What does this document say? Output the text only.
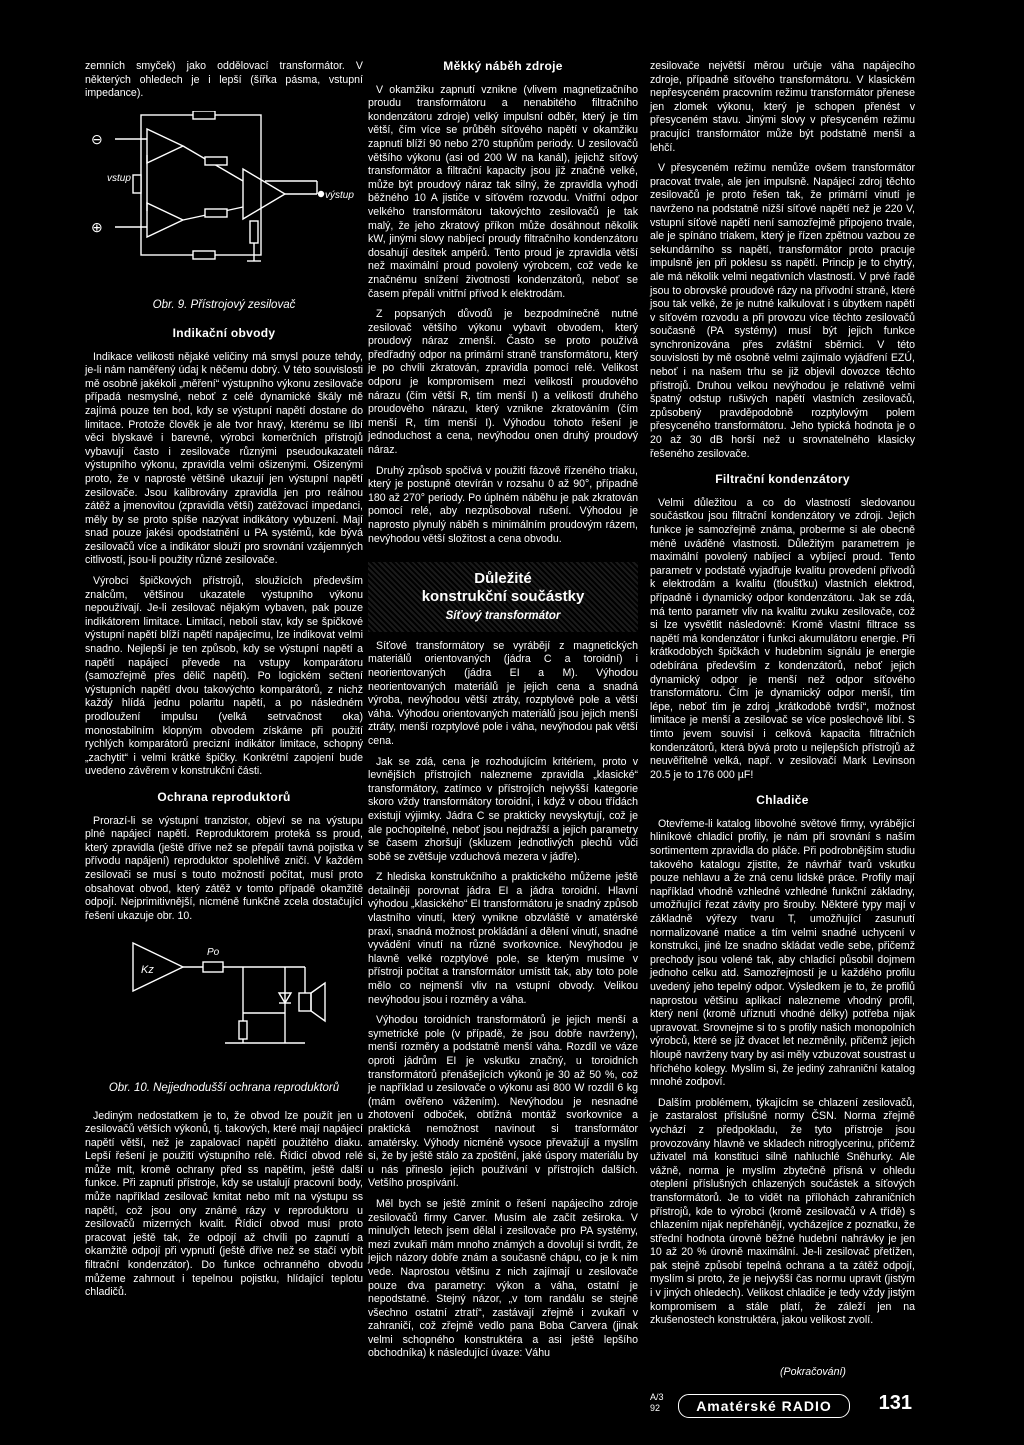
zemních smyček) jako oddělovací transformátor. V některých ohledech je i lepší (šířka pásma, vstupní impedance).

⊖
⊕
vstup
výstup
Obr. 9. Přístrojový zesilovač
Indikační obvody

Indikace velikosti nějaké veličiny má smysl pouze tehdy, je-li nám naměřený údaj k něčemu dobrý. V této souvislosti mě osobně jakékoli „měření“ výstupního výkonu zesilovače případá nesmyslné, neboť z celé dynamické škály mě zajímá pouze ten bod, kdy se výstupní napětí dostane do limitace. Protože člověk je ale tvor hravý, kterému se líbí věci blyskavé i barevné, výrobci komerčních přístrojů vybavují často i zesilovače různými pseudoukazateli výstupního výkonu, zpravidla velmi ošizenými. Ošizenými proto, že v naprosté většině ukazují jen výstupní napětí zesilovače. Jsou kalibrovány zpravidla jen pro reálnou zátěž a jmenovitou (zpravidla větší) zatěžovací impedanci, měly by se proto spíše nazývat indikátory vybuzení. Mají snad pouze jakési opodstatnění u PA systémů, kde bývá zesilovačů více a indikátor slouží pro srovnání vzájemných citlivostí, jsou-li použity různé zesilovače.

Výrobci špičkových přístrojů, sloužících především znalcům, většinou ukazatele výstupního výkonu nepoužívají. Je-li zesilovač nějakým vybaven, pak pouze indikátorem limitace. Limitací, neboli stav, kdy se špičkové výstupní napětí blíží napětí napájecímu, lze indikovat velmi snadno. Nejlepší je ten způsob, kdy se výstupní napětí a napětí napájecí převede na vstupy komparátoru (samozřejmě přes dělič napětí). Po logickém sečtení výstupních napětí dvou takovýchto komparátorů, z nichž každý hlídá jednu polaritu napětí, a po následném prodloužení impulsu (velká setrvačnost oka) monostabilním klopným obvodem získáme při použití rychlých komparátorů precizní indikátor limitace, schopný „zachytit“ i velmi krátké špičky. Konkrétní zapojení bude uvedeno závěrem v konstrukční části.

Ochrana reproduktorů

Prorazí-li se výstupní tranzistor, objeví se na výstupu plné napájecí napětí. Reproduktorem proteká ss proud, který zpravidla (ještě dříve než se přepálí tavná pojistka v přívodu napájení) reproduktor spolehlivě zničí. V každém zesilovači se musí s touto možností počítat, musí proto obsahovat obvod, který zátěž v tomto případě okamžitě odpojí. Nejprimitivnější, nicméně funkčně zcela dostačující řešení ukazuje obr. 10.

Kz
Po
Obr. 10. Nejjednodušší ochrana reproduktorů

Jediným nedostatkem je to, že obvod lze použít jen u zesilovačů větších výkonů, tj. takových, které mají napájecí napětí větší, než je zapalovací napětí použitého diaku. Lepší řešení je použití výstupního relé. Řídicí obvod relé může mít, kromě ochrany před ss napětím, ještě další funkce. Při zapnutí přístroje, kdy se ustalují pracovní body, může například zesilovač kmitat nebo mít na výstupu ss napětí, což jsou ony známé rázy v reproduktoru u zesilovačů mizerných kvalit. Řídicí obvod musí proto pracovat ještě tak, že odpojí až chvíli po zapnutí a okamžitě odpojí při vypnutí (ještě dříve než se stačí vybít filtrační kondenzátor). Do funkce ochranného obvodu můžeme zahrnout i tepelnou pojistku, hlídající teplotu chladičů.

Měkký náběh zdroje

V okamžiku zapnutí vznikne (vlivem magnetizačního proudu transformátoru a nenabitého filtračního kondenzátoru zdroje) velký impulsní odběr, který je tím větší, čím více se průběh síťového napětí v okamžiku zapnutí blíží 90 nebo 270 stupňům periody. U zesilovačů většího výkonu (asi od 200 W na kanál), jejichž síťový transformátor a filtrační kapacity jsou již značně velké, může být proudový náraz tak silný, že zpravidla vyhodí běžného 10 A jističe v síťovém rozvodu. Vnitřní odpor velkého transformátoru takovýchto zesilovačů je tak malý, že jeho zkratový příkon může dosáhnout několik kW, jinými slovy nabíjecí proudy filtračního kondenzátoru dosahují desítek ampérů. Tento proud je zpravidla větší než maximální proud povolený výrobcem, což vede ke značnému snížení životnosti kondenzátorů, neboť se časem přepálí vnitřní přívod k elektrodám.

Z popsaných důvodů je bezpodmínečně nutné zesilovač většího výkonu vybavit obvodem, který proudový náraz zmenší. Často se proto používá předřadný odpor na primární straně transformátoru, který je po chvíli zkratován, zpravidla pomocí relé. Velikost odporu je kompromisem mezi velikostí proudového nárazu (čím větší R, tím menší I) a velikostí druhého proudového nárazu, který vznikne zkratováním (čím menší R, tím menší I). Výhodou tohoto řešení je jednoduchost a cena, nevýhodou onen druhý proudový náraz.

Druhý způsob spočívá v použití fázově řízeného triaku, který je postupně otevírán v rozsahu 0 až 90°, případně 180 až 270° periody. Po úplném náběhu je pak zkratován pomocí relé, aby nezpůsoboval rušení. Výhodou je naprosto plynulý náběh s minimálním proudovým rázem, nevýhodou větší složitost a cena obvodu.

Důležité
konstrukční součástky
Síťový transformátor

Síťové transformátory se vyrábějí z magnetických materiálů orientovaných (jádra C a toroidní) i neorientovaných (jádra EI a M). Výhodou neorientovaných materiálů je jejich cena a snadná výroba, nevýhodou větší ztráty, rozptylové pole a větší váha. Výhodou orientovaných materiálů jsou jejich menší ztráty, menší rozptylové pole i váha, nevýhodou pak větší cena.

Jak se zdá, cena je rozhodujícím kritériem, proto v levnějších přístrojích nalezneme zpravidla „klasické“ transformátory, zatímco v přístrojích nejvyšší kategorie skoro vždy transformátory toroidní, i když v obou třídách existují výjimky. Jádra C se prakticky nevyskytují, což je ale pochopitelné, neboť jsou nejdražší a jejich parametry se časem zhoršují (skluzem jednotlivých plechů vůči sobě se zvětšuje vzduchová mezera v jádře).

Z hlediska konstrukčního a praktického můžeme ještě detailněji porovnat jádra EI a jádra toroidní. Hlavní výhodou „klasického“ EI transformátoru je snadný způsob vlastního vinutí, který vynikne obzvláště v amatérské praxi, snadná možnost prokládání a dělení vinutí, snadné vyvádění vinutí na různé svorkovnice. Nevýhodou je hlavně velké rozptylové pole, se kterým musíme v přístroji počítat a transformátor umístit tak, aby toto pole mělo co nejmenší vliv na vstupní obvody. Velikou nevýhodou jsou i rozměry a váha.

Výhodou toroidních transformátorů je jejich menší a symetrické pole (v případě, že jsou dobře navrženy), menší rozměry a podstatně menší váha. Rozdíl ve váze oproti jádrům EI je vskutku značný, u toroidních transformátorů přenášejících výkonů je 30 až 50 %, což je například u zesilovače o výkonu asi 800 W rozdíl 6 kg (mám ověřeno vážením). Nevýhodou je nesnadné zhotovení odboček, obtížná montáž svorkovnice a praktická nemožnost navinout si transformátor amatérsky. Výhody nicméně vysoce převažují a myslím si, že by ještě stálo za zpoštění, jaké úspory materiálu by u nás přineslo jejich používání v přístrojích dalších. Vetšího prospívání.

Měl bych se ještě zmínit o řešení napájecího zdroje zesilovačů firmy Carver. Musím ale začít zeširoka. V minulých letech jsem dělal i zesilovače pro PA systémy, mezi zvukaři mám mnoho známých a dovolují si tvrdit, že jejich názory dobře znám a současně chápu, co je k nim vede. Naprostou většinu z nich zajímají u zesilovače pouze dva parametry: výkon a váha, ostatní je nepodstatné. Stejný názor, „v tom randálu se stejně všechno ostatní ztratí“, zastávají zřejmě i zvukaři v zahraničí, což zřejmě vedlo pana Boba Carvera (jinak velmi schopného konstruktéra a asi ještě lepšího obchodníka) k následující úvaze: Váhu

zesilovače největší měrou určuje váha napájecího zdroje, případně síťového transformátoru. V klasickém nepřesyceném pracovním režimu transformátor přenese jen zlomek výkonu, který je schopen přenést v přesyceném stavu. Jinými slovy v přesyceném režimu pracující transformátor může být podstatně menší a lehčí.

V přesyceném režimu nemůže ovšem transformátor pracovat trvale, ale jen impulsně. Napájecí zdroj těchto zesilovačů je proto řešen tak, že primární vinutí je navrženo na podstatně nižší síťové napětí než je 220 V, vstupní síťové napětí není samozřejmě připojeno trvale, ale je spínáno triakem, který je řízen zpětnou vazbou ze sekundárního ss napětí, transformátor proto pracuje impulsně jen při poklesu ss napětí. Princip je to chytrý, ale má několik velmi negativních vlastností. V prvé řadě jsou to obrovské proudové rázy na přívodní straně, které jsou tak velké, že je nutné kalkulovat i s úbytkem napětí v síťovém rozvodu a při provozu více těchto zesilovačů současně (PA systémy) musí být jejich funkce synchronizována přes zvláštní sběrnici. V této souvislosti by mě osobně velmi zajímalo vyjádření EZÚ, neboť i na našem trhu se již objevil dovozce těchto přístrojů. Druhou velkou nevýhodou je relativně velmi špatný odstup rušivých napětí vlastních zesilovačů, způsobený pravděpodobně rozptylovým polem přesyceného transformátoru. Jeho typická hodnota je o 20 až 30 dB horší než u srovnatelného klasicky řešeného zesilovače.

Filtrační kondenzátory

Velmi důležitou a co do vlastností sledovanou součástkou jsou filtrační kondenzátory ve zdroji. Jejich funkce je samozřejmě známa, proberme si ale obecně méně uváděné vlastnosti. Důležitým parametrem je maximální povolený nabíjecí a vybíjecí proud. Tento parametr v podstatě vyjadřuje kvalitu provedení přívodů k elektrodám a kvalitu (tloušťku) vlastních elektrod, případně i dynamický odpor kondenzátoru. Jak se zdá, má tento parametr vliv na kvalitu zvuku zesilovače, což si lze vysvětlit následovně: Kromě vlastní filtrace ss napětí má kondenzátor i funkci akumulátoru energie. Při krátkodobých špičkách v hudebním signálu je energie odebírána především z kondenzátorů, neboť jejich dynamický odpor je menší než odpor síťového transformátoru. Čím je dynamický odpor menší, tím lépe, neboť tím je zdroj „krátkodobě tvrdší“, možnost limitace je menší a zesilovač se více poslechově líbí. S tímto jevem souvisí i celková kapacita filtračních kondenzátorů, která bývá proto u nejlepších přístrojů až neuvěřitelně velká, např. v zesilovačí Mark Levinson 20.5 je to 176 000 µF!

Chladiče

Otevřeme-li katalog libovolné světové firmy, vyrábějící hliníkové chladicí profily, je nám při srovnání s naším sortimentem zpravidla do pláče. Při podrobnějším studiu takového katalogu zjistíte, že návrhář tvarů vskutku pouze nehlavu a že zná cenu lidské práce. Profily mají například vhodně vzhledné vzhledné funkční základny, umožňující řezat závity pro šrouby. Některé typy mají v základně výřezy tvaru T, umožňující zasunutí normalizované matice a tím velmi snadné uchycení v konstrukci, jiné lze snadno skládat vedle sebe, přičemž prechody jsou volené tak, aby chladicí působil dojmem jednoho celku atd. Samozřejmostí je u každého profilu uvedený jeho tepelný odpor. Výsledkem je to, že profilů naprostou většinu aplikací nalezneme vhodný profil, který není (kromě uříznutí vhodné délky) potřeba nijak upravovat. Srovnejme si to s profily našich monopolních výrobců, které se již dvacet let nezměnily, přičemž jejich hloupě navrženy tvary by asi měly vzbuzovat soustrast u hříchého kolegy. Myslím si, že jediný zahraniční katalog mnohé zodpoví.

Dalším problémem, týkajícím se chlazení zesilovačů, je zastaralost příslušné normy ČSN. Norma zřejmě vychází z předpokladu, že tyto přístroje jsou provozovány hlavně ve skladech nitroglycerinu, přičemž uživatel má konstituci silně nahluchlé Sněhurky. Ale vážně, norma je myslím zbytečně přísná v ohledu oteplení příslušných chlazených součástek a síťových transformátorů. Je to vidět na přílohách zahraničních přístrojů, kde to výrobci (kromě zesilovačů v A třídě) s chlazením nijak nepřehánějí, vycházejíce z poznatku, že střední hodnota úrovně běžné hudební nahrávky je jen 10 až 20 % úrovně maximální. Je-li zesilovač přetížen, pak stejně způsobí tepelná ochrana a ta zátěž odpojí, myslím si proto, že je nejvyšší čas normu upravit (jistým i v jiných ohledech). Velikost chladiče je tedy vždy jistým kompromisem a stále platí, že záleží jen na zkušenostech konstruktéra, jakou velikost zvolí.

(Pokračování)
A/3
92	Amatérské RADIO	131
